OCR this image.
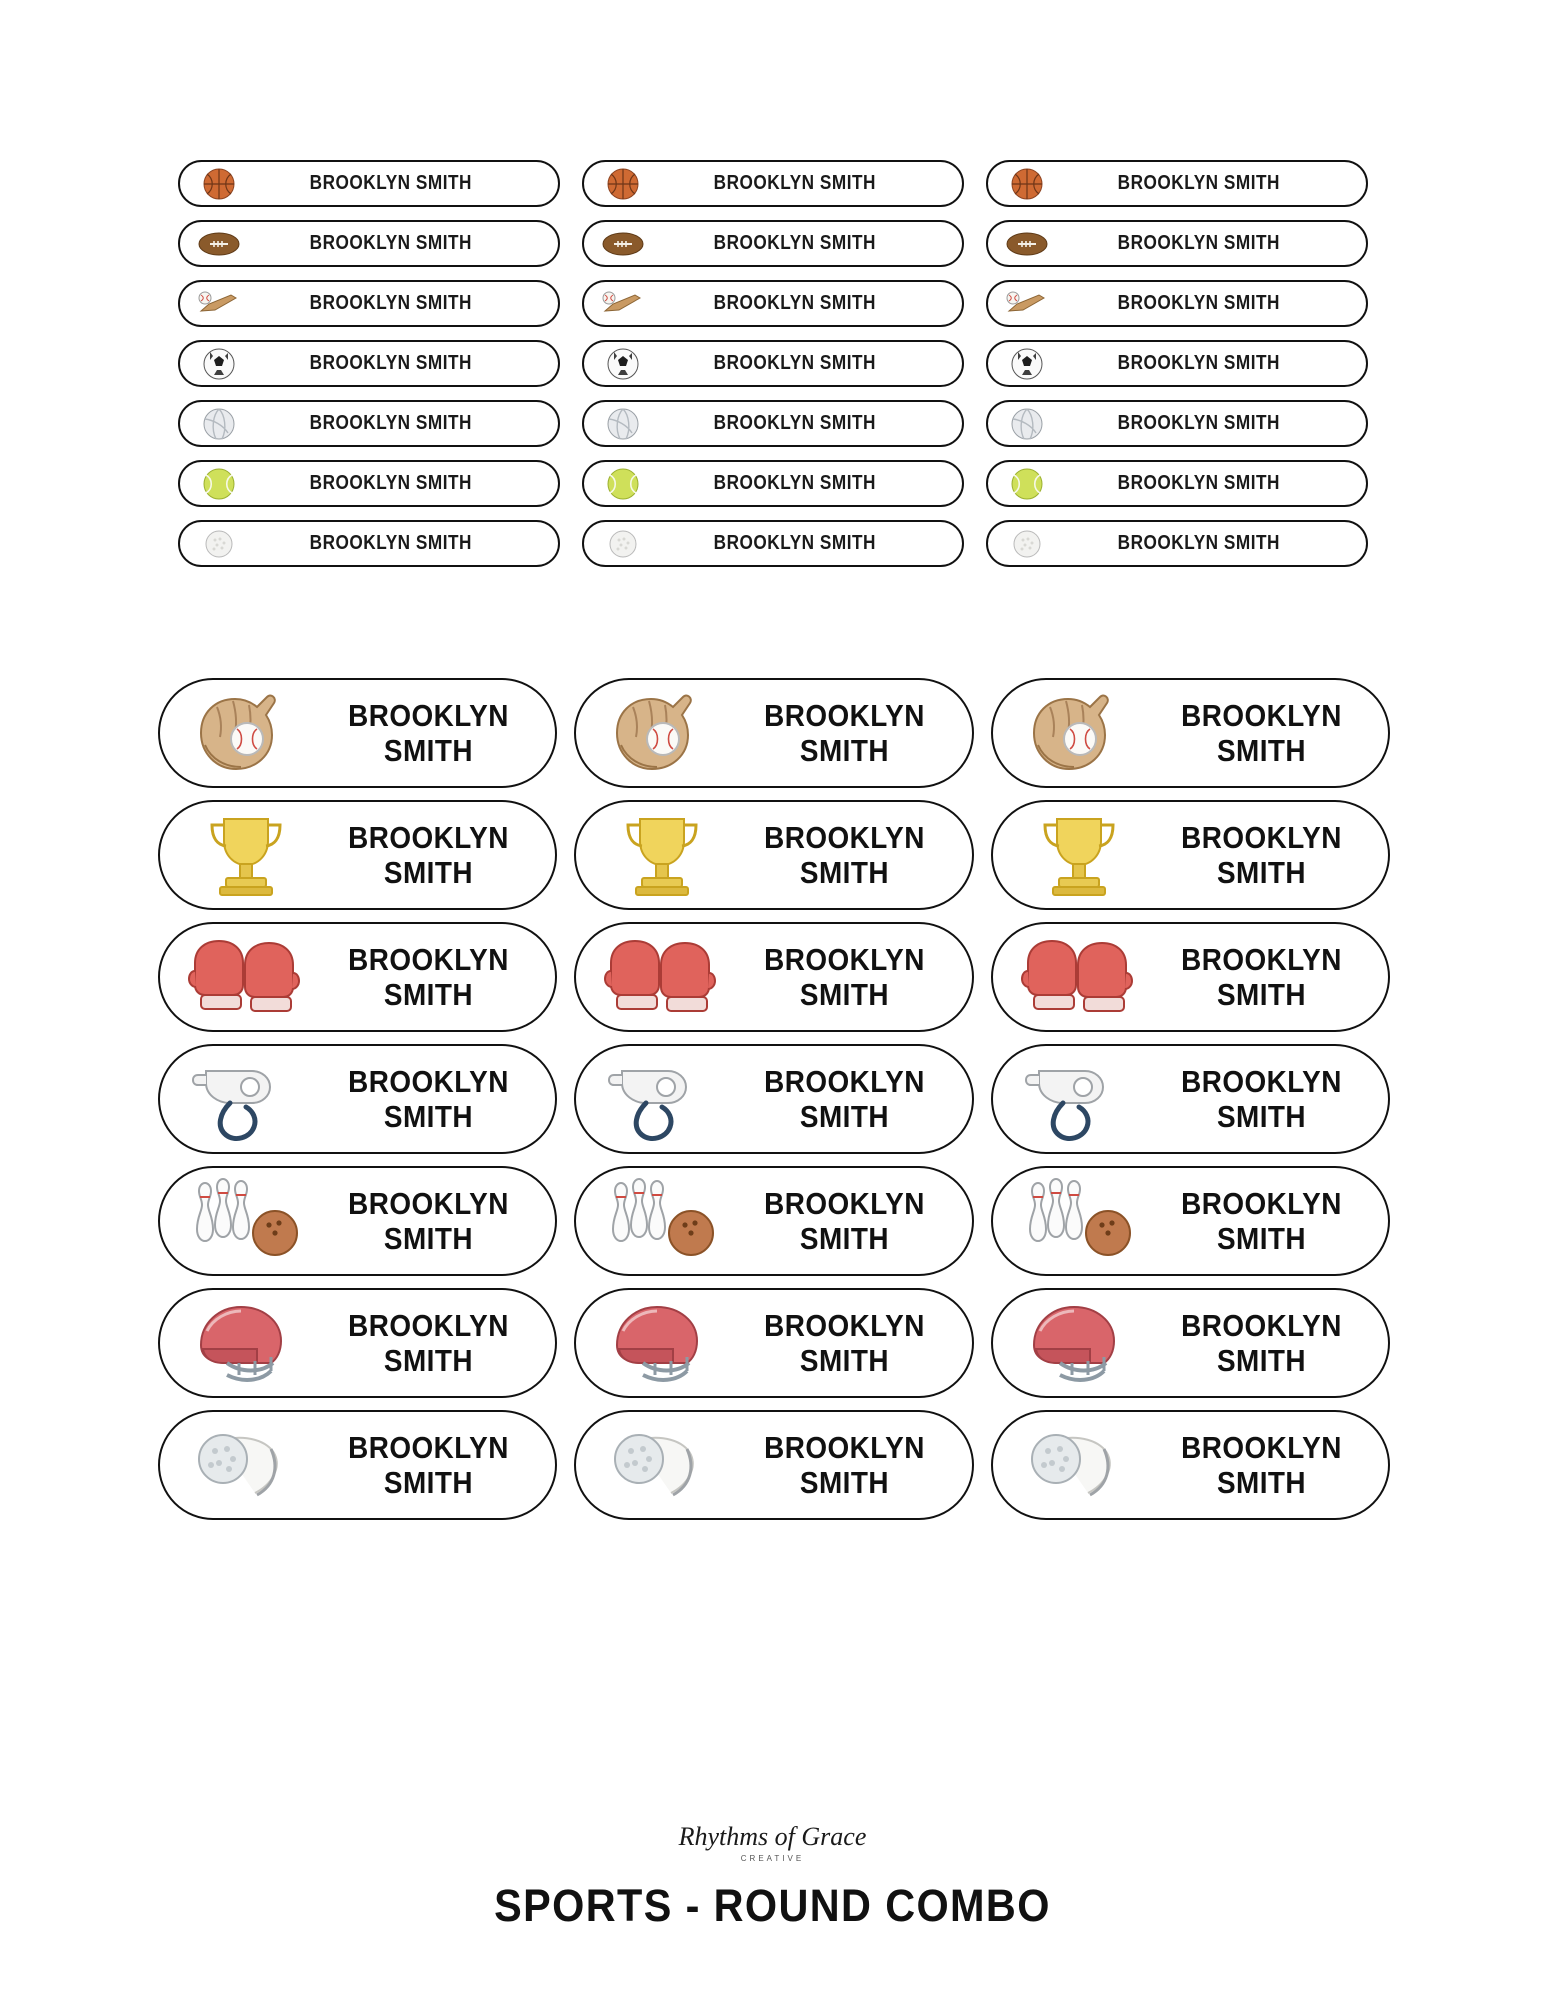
BROOKLYN SMITH	BROOKLYN SMITH	BROOKLYN SMITH
BROOKLYN SMITH	BROOKLYN SMITH	BROOKLYN SMITH
BROOKLYN SMITH	BROOKLYN SMITH	BROOKLYN SMITH
BROOKLYN SMITH	BROOKLYN SMITH	BROOKLYN SMITH
BROOKLYN SMITH	BROOKLYN SMITH	BROOKLYN SMITH
BROOKLYN SMITH	BROOKLYN SMITH	BROOKLYN SMITH
BROOKLYN SMITH	BROOKLYN SMITH	BROOKLYN SMITH
BROOKLYN
SMITH
BROOKLYN
SMITH
BROOKLYN
SMITH
BROOKLYN
SMITH
BROOKLYN
SMITH
BROOKLYN
SMITH
BROOKLYN
SMITH
BROOKLYN
SMITH
BROOKLYN
SMITH
BROOKLYN
SMITH
BROOKLYN
SMITH
BROOKLYN
SMITH
BROOKLYN
SMITH
BROOKLYN
SMITH
BROOKLYN
SMITH
BROOKLYN
SMITH
BROOKLYN
SMITH
BROOKLYN
SMITH
BROOKLYN
SMITH
BROOKLYN
SMITH
BROOKLYN
SMITH
Rhythms of Grace
CREATIVE
SPORTS - ROUND COMBO
